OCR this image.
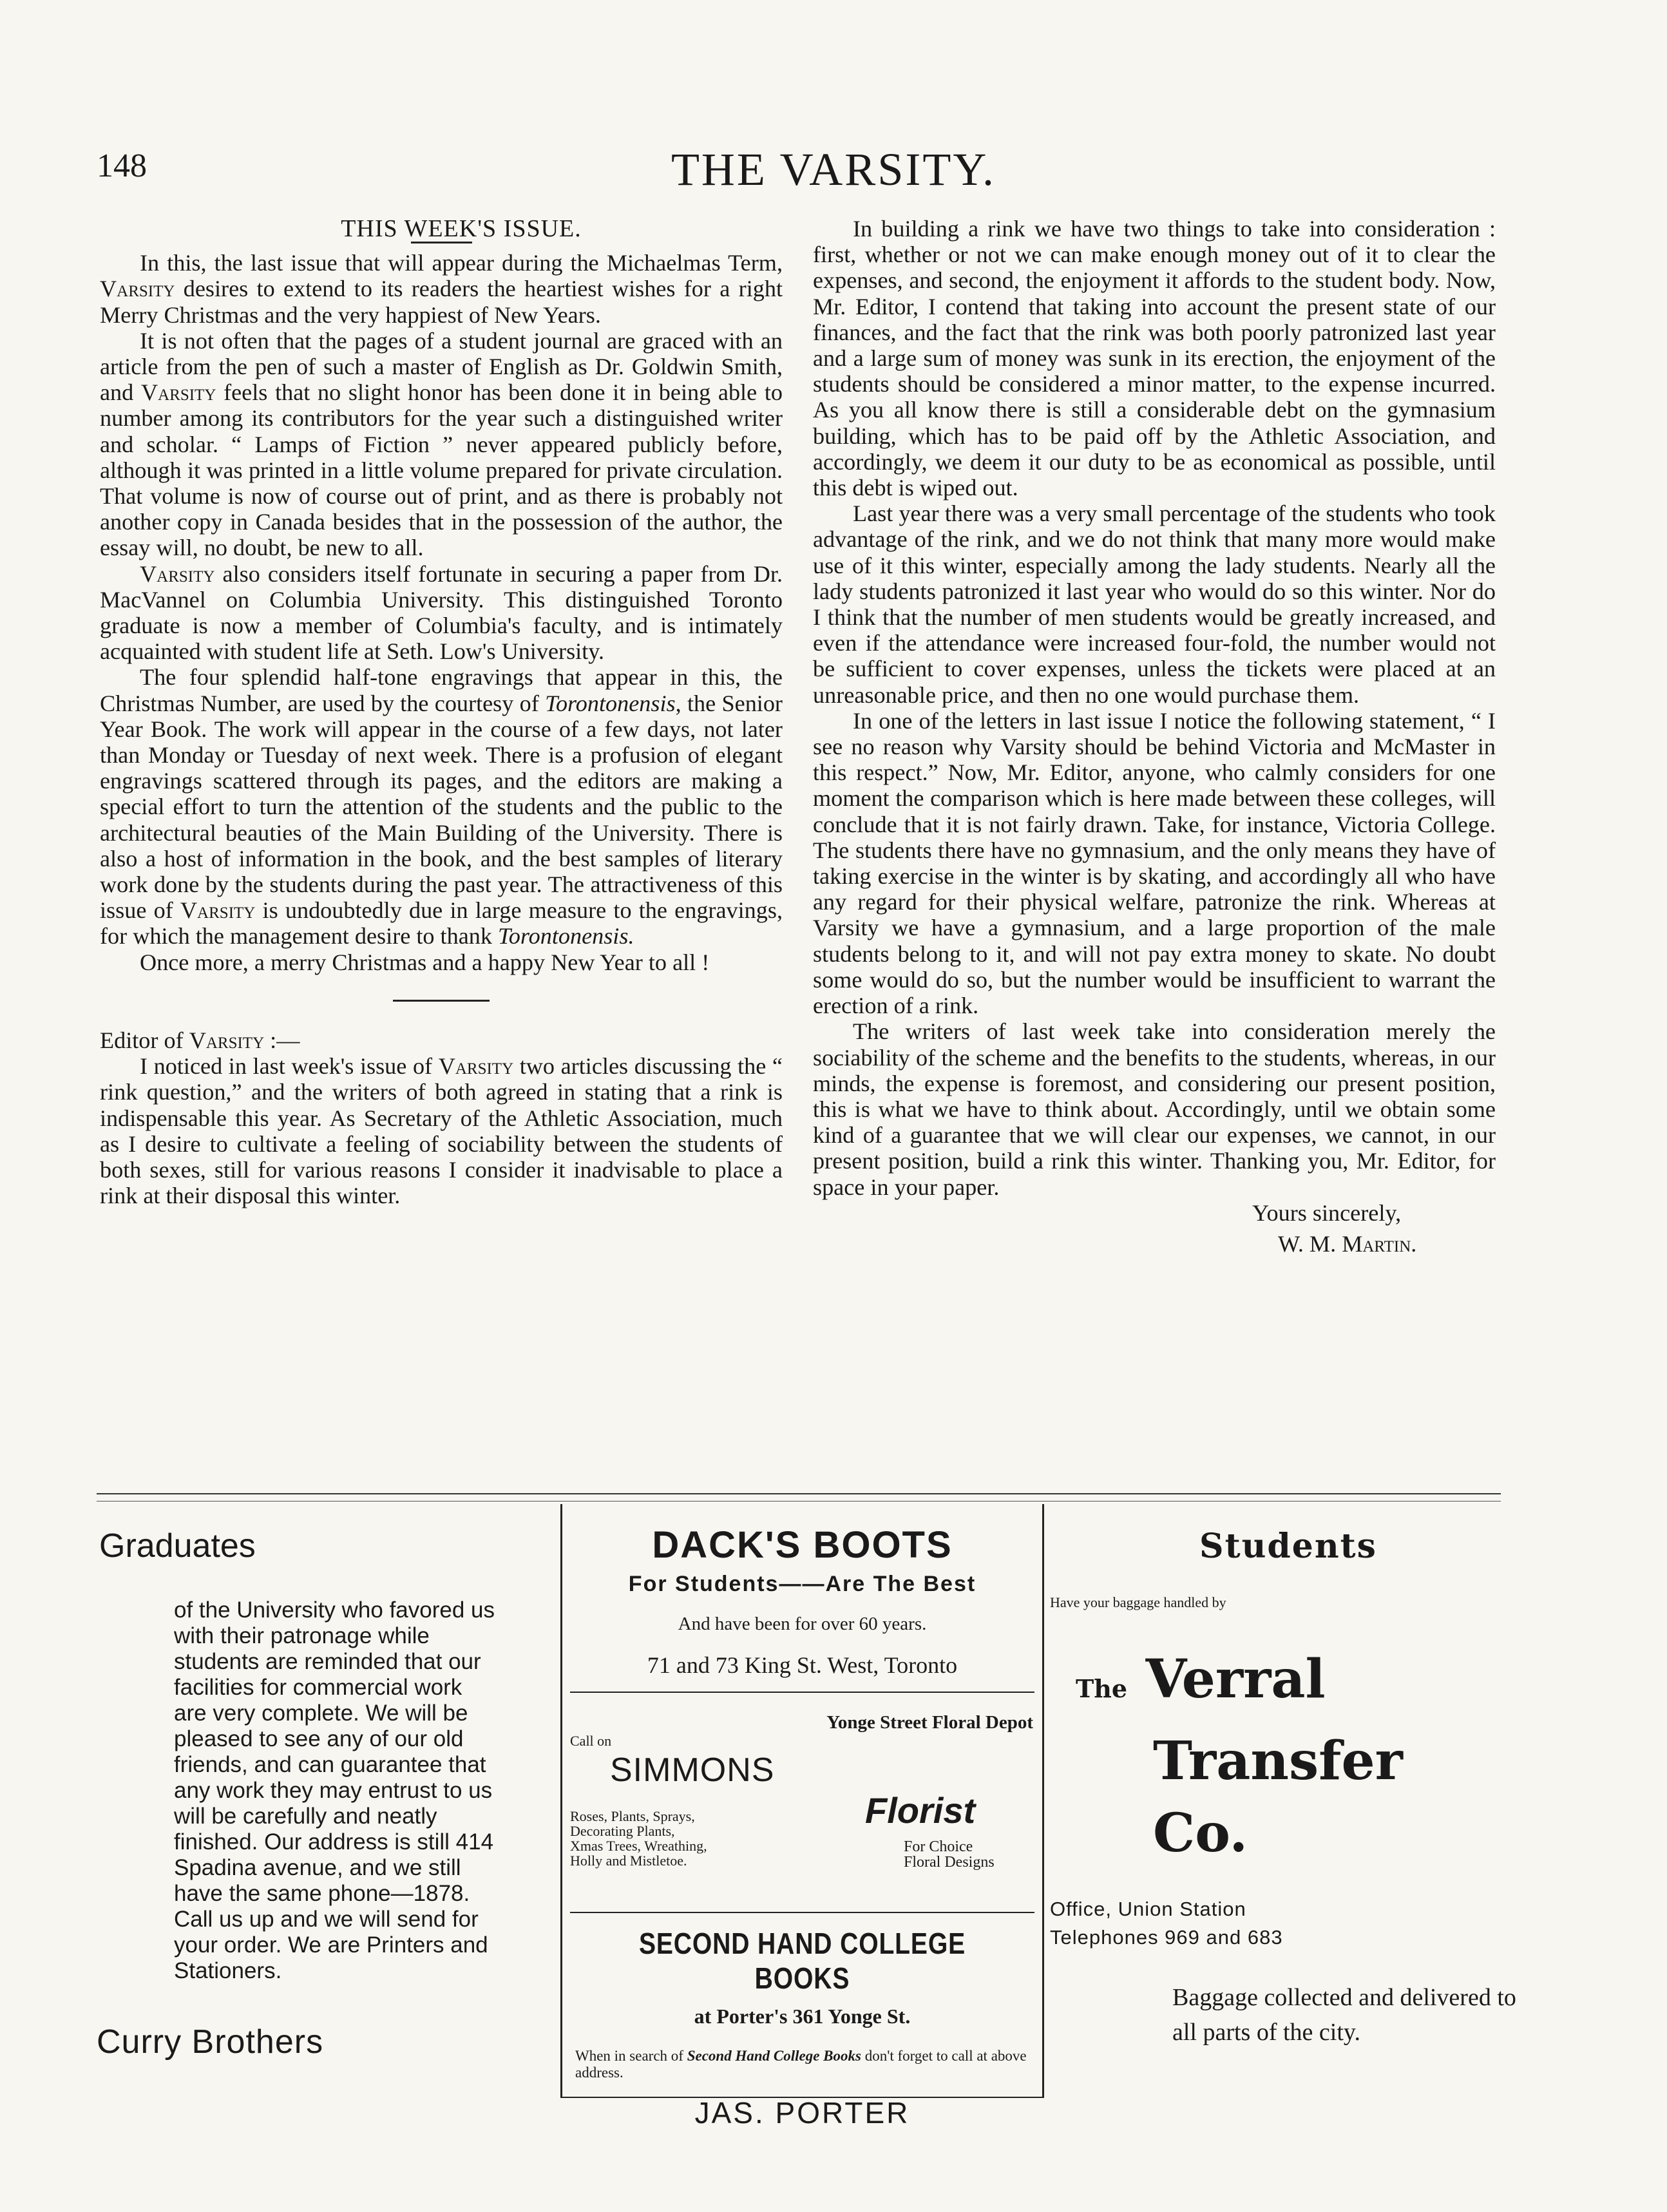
148	THE VARSITY.

THIS WEEK'S ISSUE.

In this, the last issue that will appear during the Michaelmas Term, Varsity desires to extend to its readers the heartiest wishes for a right Merry Christmas and the very happiest of New Years.

It is not often that the pages of a student journal are graced with an article from the pen of such a master of English as Dr. Goldwin Smith, and Varsity feels that no slight honor has been done it in being able to number among its contributors for the year such a distinguished writer and scholar. “ Lamps of Fiction ” never appeared publicly before, although it was printed in a little volume prepared for private circulation. That volume is now of course out of print, and as there is probably not another copy in Canada besides that in the possession of the author, the essay will, no doubt, be new to all.

Varsity also considers itself fortunate in securing a paper from Dr. MacVannel on Columbia University. This distinguished Toronto graduate is now a member of Columbia's faculty, and is intimately acquainted with student life at Seth. Low's University.

The four splendid half-tone engravings that appear in this, the Christmas Number, are used by the courtesy of Torontonensis, the Senior Year Book. The work will appear in the course of a few days, not later than Monday or Tuesday of next week. There is a profusion of elegant engravings scattered through its pages, and the editors are making a special effort to turn the attention of the students and the public to the architectural beauties of the Main Building of the University. There is also a host of information in the book, and the best samples of literary work done by the students during the past year. The attractiveness of this issue of Varsity is undoubtedly due in large measure to the engravings, for which the management desire to thank Torontonensis.

Once more, a merry Christmas and a happy New Year to all !

Editor of Varsity :—

I noticed in last week's issue of Varsity two articles discussing the “ rink question,” and the writers of both agreed in stating that a rink is indispensable this year. As Secretary of the Athletic Association, much as I desire to cultivate a feeling of sociability between the students of both sexes, still for various reasons I consider it inadvisable to place a rink at their disposal this winter.

In building a rink we have two things to take into consideration : first, whether or not we can make enough money out of it to clear the expenses, and second, the enjoyment it affords to the student body. Now, Mr. Editor, I contend that taking into account the present state of our finances, and the fact that the rink was both poorly patronized last year and a large sum of money was sunk in its erection, the enjoyment of the students should be considered a minor matter, to the expense incurred. As you all know there is still a considerable debt on the gymnasium building, which has to be paid off by the Athletic Association, and accordingly, we deem it our duty to be as economical as possible, until this debt is wiped out.

Last year there was a very small percentage of the students who took advantage of the rink, and we do not think that many more would make use of it this winter, especially among the lady students. Nearly all the lady students patronized it last year who would do so this winter. Nor do I think that the number of men students would be greatly increased, and even if the attendance were increased four-fold, the number would not be sufficient to cover expenses, unless the tickets were placed at an unreasonable price, and then no one would purchase them.

In one of the letters in last issue I notice the following statement, “ I see no reason why Varsity should be behind Victoria and McMaster in this respect.” Now, Mr. Editor, anyone, who calmly considers for one moment the comparison which is here made between these colleges, will conclude that it is not fairly drawn. Take, for instance, Victoria College. The students there have no gymnasium, and the only means they have of taking exercise in the winter is by skating, and accordingly all who have any regard for their physical welfare, patronize the rink. Whereas at Varsity we have a gymnasium, and a large proportion of the male students belong to it, and will not pay extra money to skate. No doubt some would do so, but the number would be insufficient to warrant the erection of a rink.

The writers of last week take into consideration merely the sociability of the scheme and the benefits to the students, whereas, in our minds, the expense is foremost, and considering our present position, this is what we have to think about. Accordingly, until we obtain some kind of a guarantee that we will clear our expenses, we cannot, in our present position, build a rink this winter. Thanking you, Mr. Editor, for space in your paper.

Yours sincerely,

W. M. Martin.

Graduates
of the University who favored us with their patronage while students are reminded that our facilities for commercial work are very complete. We will be pleased to see any of our old friends, and can guarantee that any work they may entrust to us will be carefully and neatly finished. Our address is still 414 Spadina avenue, and we still have the same phone—1878. Call us up and we will send for your order. We are Printers and Stationers.
Curry Brothers
DACK'S BOOTS
For Students——Are The Best
And have been for over 60 years.
71 and 73 King St. West, Toronto
Yonge Street Floral Depot
Call on
SIMMONS
Roses, Plants, Sprays,
Decorating Plants,
Xmas Trees, Wreathing,
Holly and Mistletoe.
Florist
For Choice
Floral Designs
SECOND HAND COLLEGE BOOKS
at Porter's 361 Yonge St.
When in search of Second Hand College Books don't forget to call at above address.
JAS. PORTER
Students
Have your baggage handled by
The Verral
Transfer
Co.
Office, Union Station
Telephones 969 and 683
Baggage collected and delivered to all parts of the city.
